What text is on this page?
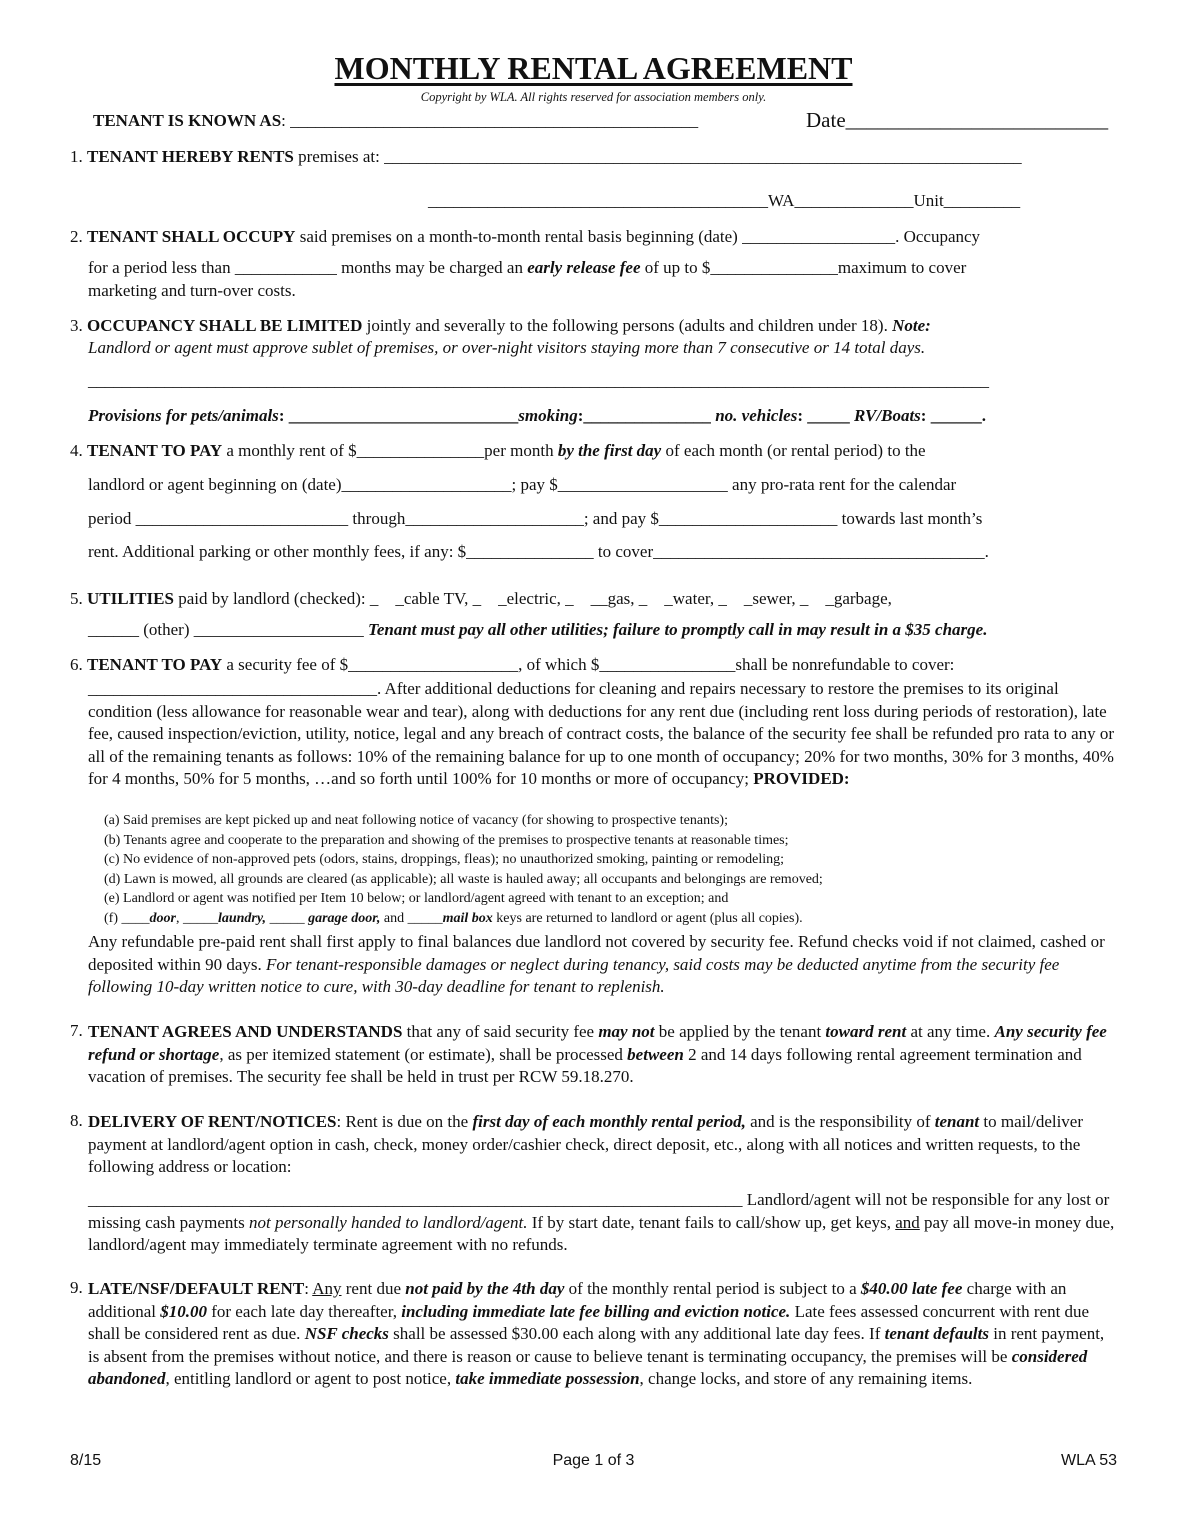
MONTHLY RENTAL AGREEMENT
Copyright by WLA. All rights reserved for association members only.
TENANT IS KNOWN AS: ________________________________________________	Date_________________________
1. TENANT HEREBY RENTS premises at: ___________________________________________________________________________
________________________________________WA______________Unit_________
2. TENANT SHALL OCCUPY said premises on a month-to-month rental basis beginning (date) __________________. Occupancy
for a period less than ____________ months may be charged an early release fee of up to $_______________maximum to cover
marketing and turn-over costs.
3. OCCUPANCY SHALL BE LIMITED jointly and severally to the following persons (adults and children under 18). Note:
Landlord or agent must approve sublet of premises, or over-night visitors staying more than 7 consecutive or 14 total days.
__________________________________________________________________________________________________________
Provisions for pets/animals: ___________________________smoking:_______________ no. vehicles: _____ RV/Boats: ______.
4. TENANT TO PAY a monthly rent of $_______________per month by the first day of each month (or rental period) to the
landlord or agent beginning on (date)____________________; pay $____________________ any pro-rata rent for the calendar
period _________________________ through_____________________; and pay $_____________________ towards last month’s
rent. Additional parking or other monthly fees, if any: $_______________ to cover_______________________________________.
5. UTILITIES paid by landlord (checked): _    _cable TV, _    _electric, _    __gas, _    _water, _    _sewer, _    _garbage,
______ (other) ____________________ Tenant must pay all other utilities; failure to promptly call in may result in a $35 charge.
6. TENANT TO PAY a security fee of $____________________, of which $________________shall be nonrefundable to cover:
__________________________________. After additional deductions for cleaning and repairs necessary to restore the premises to its original condition (less allowance for reasonable wear and tear), along with deductions for any rent due (including rent loss during periods of restoration), late fee, caused inspection/eviction, utility, notice, legal and any breach of contract costs, the balance of the security fee shall be refunded pro rata to any or all of the remaining tenants as follows: 10% of the remaining balance for up to one month of occupancy; 20% for two months, 30% for 3 months, 40% for 4 months, 50% for 5 months, …and so forth until 100% for 10 months or more of occupancy; PROVIDED:
(a) Said premises are kept picked up and neat following notice of vacancy (for showing to prospective tenants);
(b) Tenants agree and cooperate to the preparation and showing of the premises to prospective tenants at reasonable times;
(c) No evidence of non-approved pets (odors, stains, droppings, fleas); no unauthorized smoking, painting or remodeling;
(d) Lawn is mowed, all grounds are cleared (as applicable); all waste is hauled away; all occupants and belongings are removed;
(e) Landlord or agent was notified per Item 10 below; or landlord/agent agreed with tenant to an exception; and
(f) ____door, _____laundry, _____ garage door, and _____mail box keys are returned to landlord or agent (plus all copies).
Any refundable pre-paid rent shall first apply to final balances due landlord not covered by security fee. Refund checks void if not claimed, cashed or deposited within 90 days. For tenant-responsible damages or neglect during tenancy, said costs may be deducted anytime from the security fee following 10-day written notice to cure, with 30-day deadline for tenant to replenish.
7. TENANT AGREES AND UNDERSTANDS that any of said security fee may not be applied by the tenant toward rent at any time. Any security fee refund or shortage, as per itemized statement (or estimate), shall be processed between 2 and 14 days following rental agreement termination and vacation of premises. The security fee shall be held in trust per RCW 59.18.270.
8. DELIVERY OF RENT/NOTICES: Rent is due on the first day of each monthly rental period, and is the responsibility of tenant to mail/deliver payment at landlord/agent option in cash, check, money order/cashier check, direct deposit, etc., along with all notices and written requests, to the following address or location:
_____________________________________________________________________________ Landlord/agent will not be responsible for any lost or missing cash payments not personally handed to landlord/agent. If by start date, tenant fails to call/show up, get keys, and pay all move-in money due, landlord/agent may immediately terminate agreement with no refunds.
9. LATE/NSF/DEFAULT RENT: Any rent due not paid by the 4th day of the monthly rental period is subject to a $40.00 late fee charge with an additional $10.00 for each late day thereafter, including immediate late fee billing and eviction notice. Late fees assessed concurrent with rent due shall be considered rent as due. NSF checks shall be assessed $30.00 each along with any additional late day fees. If tenant defaults in rent payment, is absent from the premises without notice, and there is reason or cause to believe tenant is terminating occupancy, the premises will be considered abandoned, entitling landlord or agent to post notice, take immediate possession, change locks, and store of any remaining items.
8/15	Page 1 of 3	WLA 53
